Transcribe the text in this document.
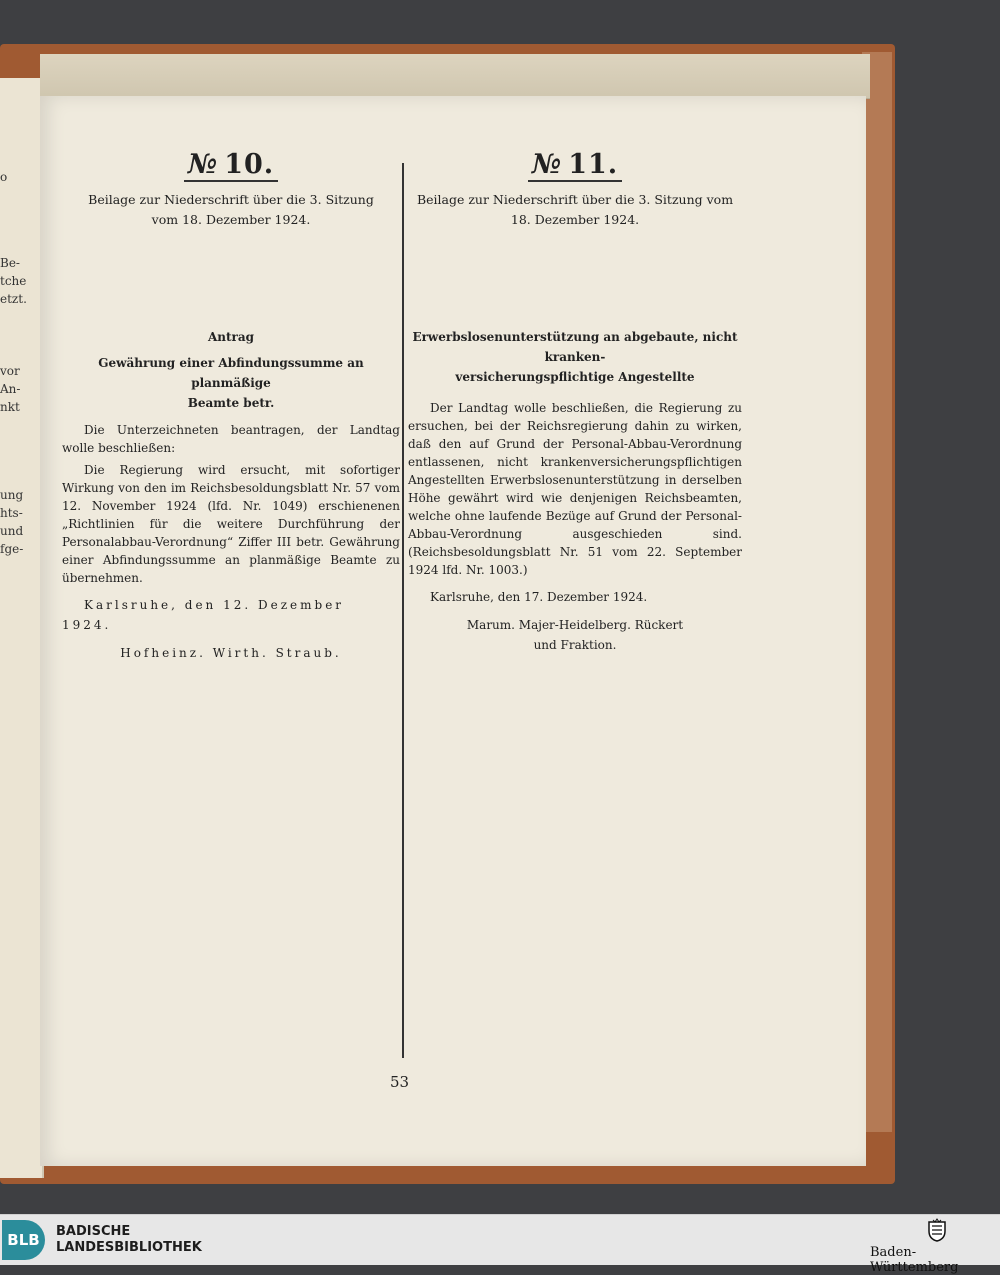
o
Be-
tche
etzt.
vor
An-
nkt
ung
hts-
und
fge-
№ 10.
Beilage zur Niederschrift über die 3. Sitzung
vom 18. Dezember 1924.
Antrag
Gewährung einer Abfindungssumme an planmäßige
Beamte betr.

Die Unterzeichneten beantragen, der Landtag wolle beschließen:

Die Regierung wird ersucht, mit sofortiger Wirkung von den im Reichsbesoldungsblatt Nr. 57 vom 12. November 1924 (lfd. Nr. 1049) erschienenen „Richtlinien für die weitere Durchführung der Personalabbau-Verordnung“ Ziffer III betr. Gewährung einer Abfindungssumme an planmäßige Beamte zu übernehmen.

Karlsruhe, den 12. Dezember 1924.
Hofheinz. Wirth. Straub.
№ 11.
Beilage zur Niederschrift über die 3. Sitzung vom
18. Dezember 1924.
Erwerbslosenunterstützung an abgebaute, nicht kranken-
versicherungspflichtige Angestellte

Der Landtag wolle beschließen, die Regierung zu ersuchen, bei der Reichsregierung dahin zu wirken, daß den auf Grund der Personal-Abbau-Verordnung entlassenen, nicht krankenversicherungspflichtigen Angestellten Erwerbslosenunterstützung in derselben Höhe gewährt wird wie denjenigen Reichsbeamten, welche ohne laufende Bezüge auf Grund der Personal-Abbau-Verordnung ausgeschieden sind. (Reichsbesoldungsblatt Nr. 51 vom 22. September 1924 lfd. Nr. 1003.)

Karlsruhe, den 17. Dezember 1924.
Marum. Majer-Heidelberg. Rückert
und Fraktion.
53
BLB	BADISCHE
LANDESBIBLIOTHEK	Baden-Württemberg
